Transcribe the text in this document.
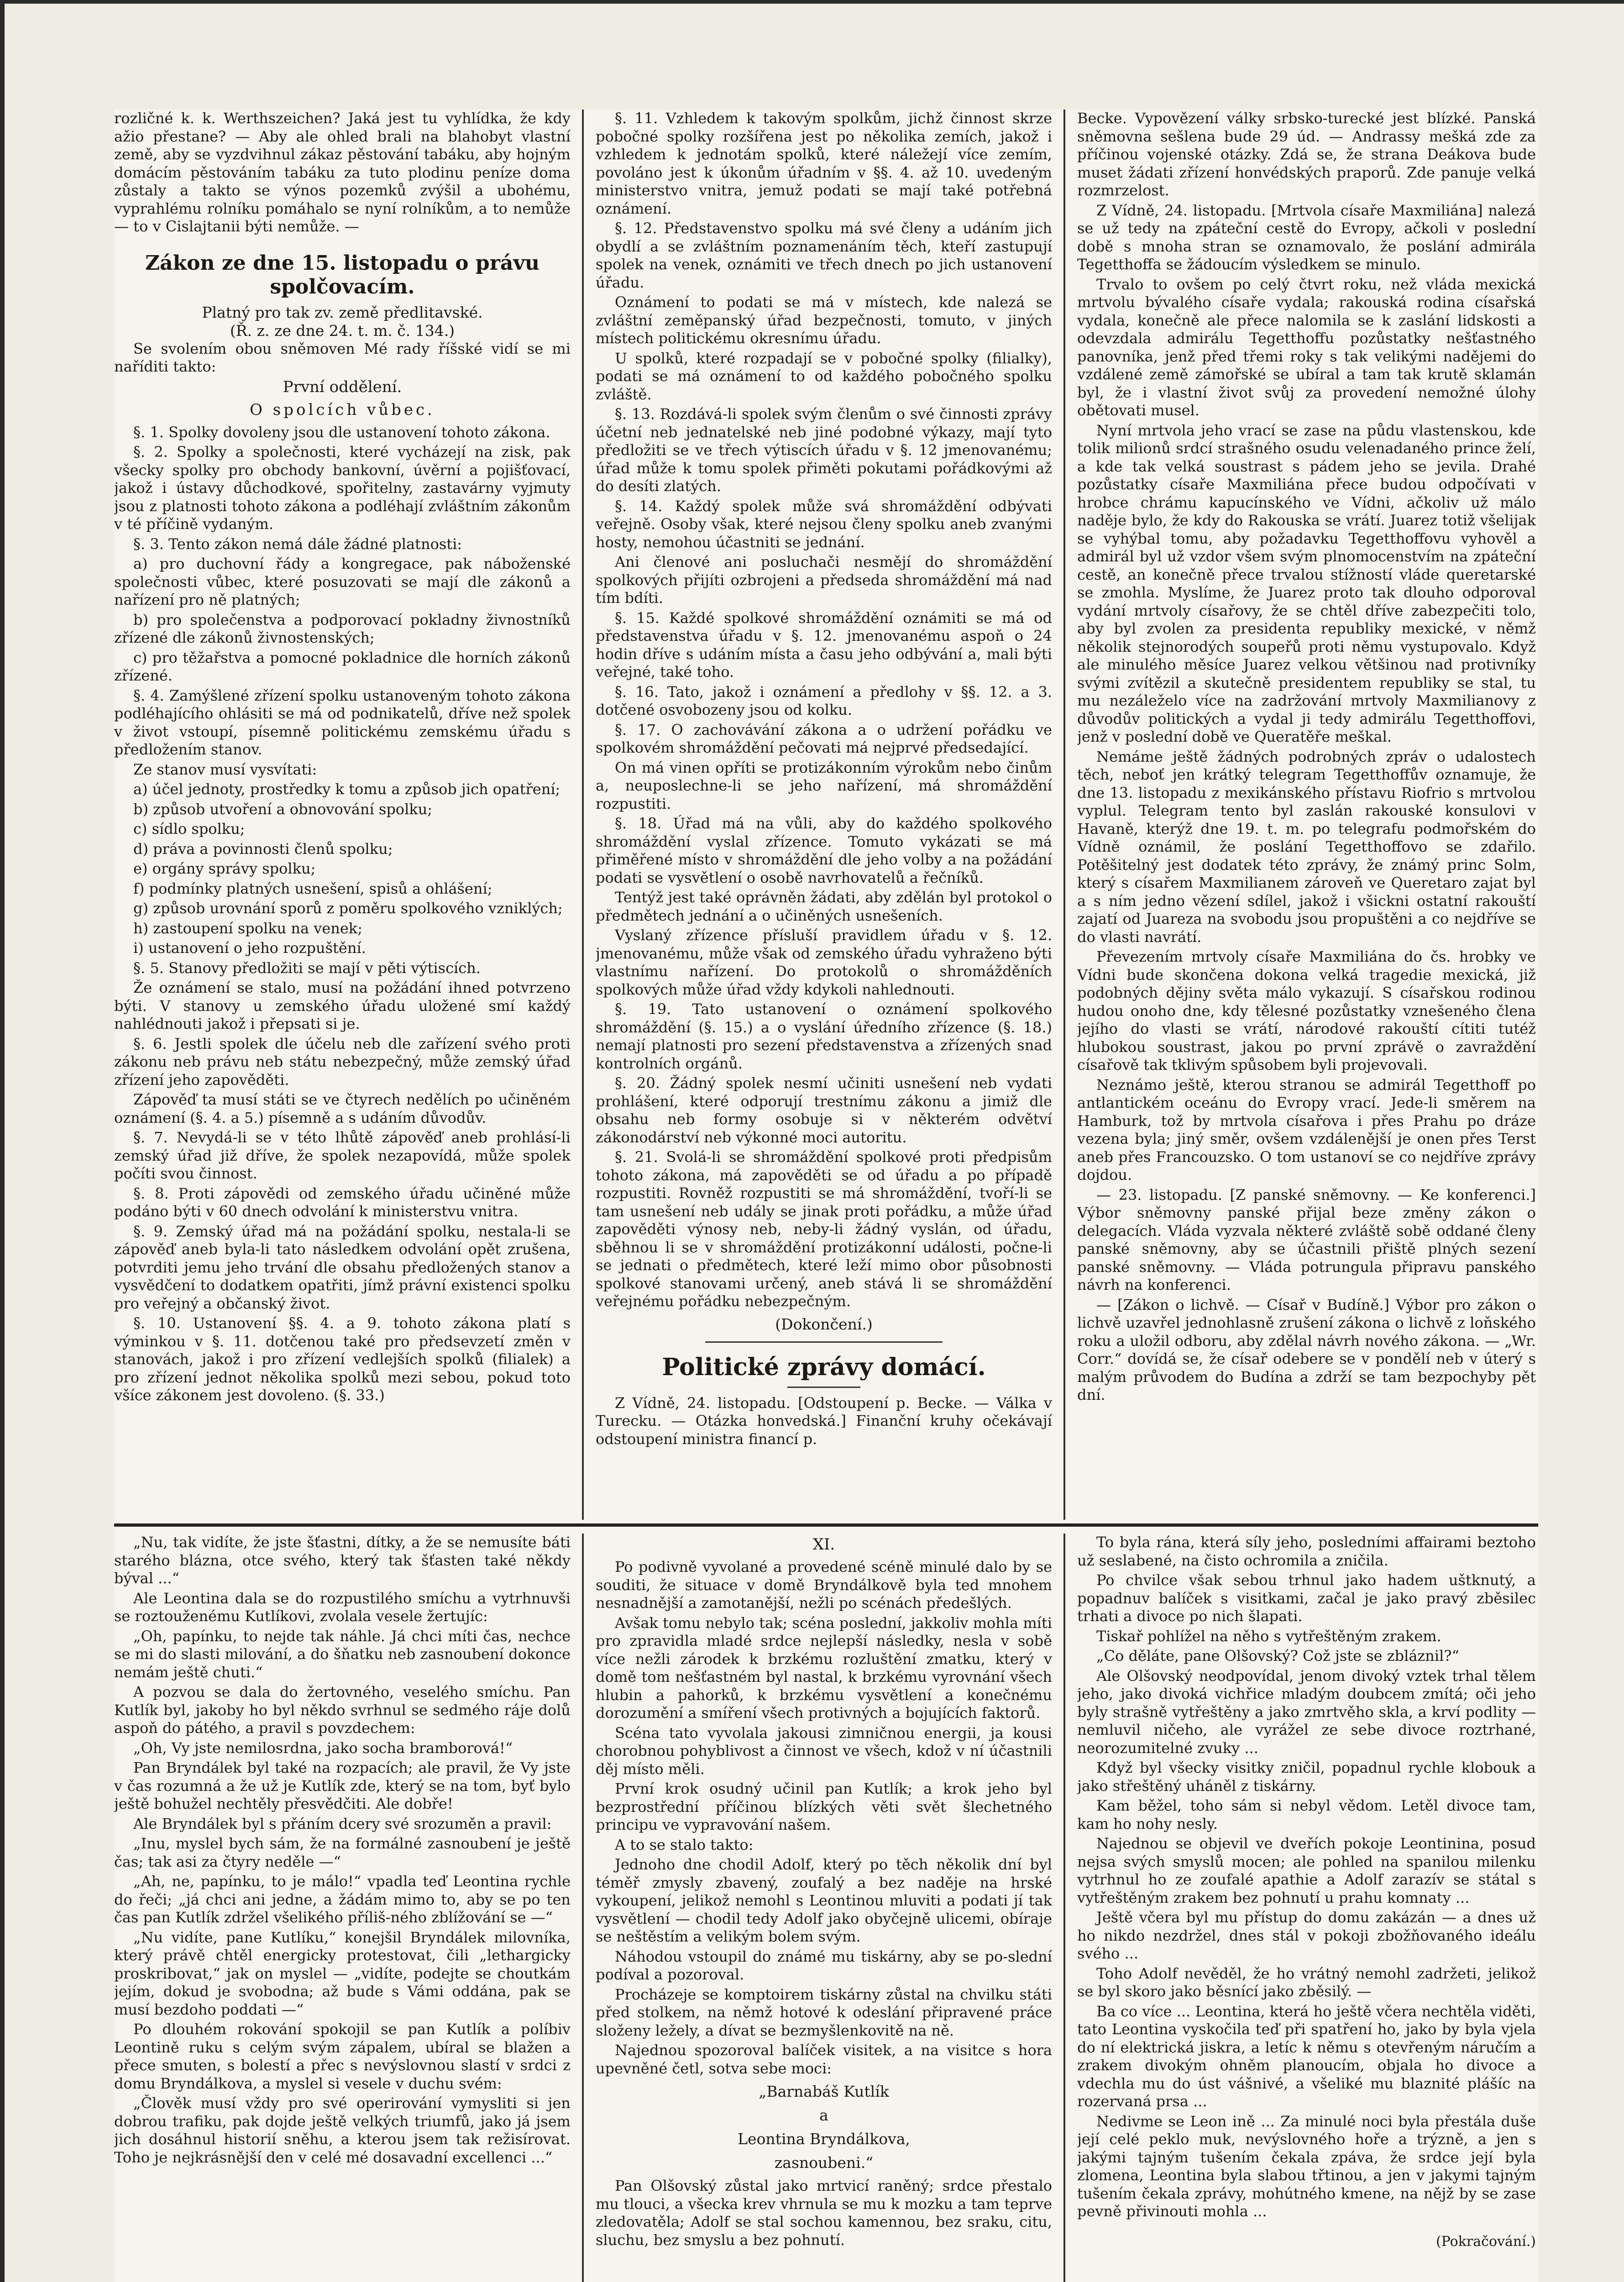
rozličné k. k. Werthszeichen? Jaká jest tu vyhlídka, že kdy ažio přestane? — Aby ale ohled brali na blahobyt vlastní země, aby se vyzdvihnul zákaz pěstování tabáku, aby hojným domácím pěstováním tabáku za tuto plodinu peníze doma zůstaly a takto se výnos pozemků zvýšil a ubohému, vyprahlému rolníku pomáhalo se nyní rolníkům, a to nemůže — to v Cislajtanii býti nemůže. —

Zákon ze dne 15. listopadu o právu spolčovacím.
Platný pro tak zv. země předlitavské.
(Ř. z. ze dne 24. t. m. č. 134.)

Se svolením obou sněmoven Mé rady říšské vidí se mi naříditi takto:

První oddělení.
O spolcích vůbec.

§. 1. Spolky dovoleny jsou dle ustanovení tohoto zákona.

§. 2. Spolky a společnosti, které vycházejí na zisk, pak všecky spolky pro obchody bankovní, úvěrní a pojišťovací, jakož i ústavy důchodkové, spořitelny, zastavárny vyjmuty jsou z platnosti tohoto zákona a podléhají zvláštním zákonům v té příčině vydaným.

§. 3. Tento zákon nemá dále žádné platnosti:

a) pro duchovní řády a kongregace, pak náboženské společnosti vůbec, které posuzovati se mají dle zákonů a nařízení pro ně platných;

b) pro společenstva a podporovací pokladny živnostníků zřízené dle zákonů živnostenských;

c) pro těžařstva a pomocné pokladnice dle horních zákonů zřízené.

§. 4. Zamýšlené zřízení spolku ustanoveným tohoto zákona podléhajícího ohlásiti se má od podnikatelů, dříve než spolek v život vstoupí, písemně politickému zemskému úřadu s předložením stanov.

Ze stanov musí vysvítati:

a) účel jednoty, prostředky k tomu a způsob jich opatření;

b) způsob utvoření a obnovování spolku;

c) sídlo spolku;

d) práva a povinnosti členů spolku;

e) orgány správy spolku;

f) podmínky platných usnešení, spisů a ohlášení;

g) způsob urovnání sporů z poměru spolkového vzniklých;

h) zastoupení spolku na venek;

i) ustanovení o jeho rozpuštění.

§. 5. Stanovy předložiti se mají v pěti výtiscích.

Že oznámení se stalo, musí na požádání ihned potvrzeno býti. V stanovy u zemského úřadu uložené smí každý nahlédnouti jakož i přepsati si je.

§. 6. Jestli spolek dle účelu neb dle zařízení svého proti zákonu neb právu neb státu nebezpečný, může zemský úřad zřízení jeho zapověděti.

Zápověď ta musí státi se ve čtyrech nedělích po učiněném oznámení (§. 4. a 5.) písemně a s udáním důvodův.

§. 7. Nevydá-li se v této lhůtě zápověď aneb prohlásí-li zemský úřad již dříve, že spolek nezapovídá, může spolek počíti svou činnost.

§. 8. Proti zápovědi od zemského úřadu učiněné může podáno býti v 60 dnech odvolání k ministerstvu vnitra.

§. 9. Zemský úřad má na požádání spolku, nestala-li se zápověď aneb byla-li tato následkem odvolání opět zrušena, potvrditi jemu jeho trvání dle obsahu předložených stanov a vysvědčení to dodatkem opatřiti, jímž právní existenci spolku pro veřejný a občanský život.

§. 10. Ustanovení §§. 4. a 9. tohoto zákona platí s výminkou v §. 11. dotčenou také pro předsevzetí změn v stanovách, jakož i pro zřízení vedlejších spolků (filialek) a pro zřízení jednot několika spolků mezi sebou, pokud toto všíce zákonem jest dovoleno. (§. 33.)

§. 11. Vzhledem k takovým spolkům, jichž činnost skrze pobočné spolky rozšířena jest po několika zemích, jakož i vzhledem k jednotám spolků, které náležejí více zemím, povoláno jest k úkonům úřadním v §§. 4. až 10. uvedeným ministerstvo vnitra, jemuž podati se mají také potřebná oznámení.

§. 12. Představenstvo spolku má své členy a udáním jich obydlí a se zvláštním poznamenáním těch, kteří zastupují spolek na venek, oznámiti ve třech dnech po jich ustanovení úřadu.

Oznámení to podati se má v místech, kde nalezá se zvláštní zeměpanský úřad bezpečnosti, tomuto, v jiných místech politickému okresnímu úřadu.

U spolků, které rozpadají se v pobočné spolky (filialky), podati se má oznámení to od každého pobočného spolku zvláště.

§. 13. Rozdává-li spolek svým členům o své činnosti zprávy účetní neb jednatelské neb jiné podobné výkazy, mají tyto předložiti se ve třech výtiscích úřadu v §. 12 jmenovanému; úřad může k tomu spolek přiměti pokutami pořádkovými až do desíti zlatých.

§. 14. Každý spolek může svá shromáždění odbývati veřejně. Osoby však, které nejsou členy spolku aneb zvanými hosty, nemohou účastniti se jednání.

Ani členové ani posluchači nesmějí do shromáždění spolkových přijíti ozbrojeni a předseda shromáždění má nad tím bdíti.

§. 15. Každé spolkové shromáždění oznámiti se má od představenstva úřadu v §. 12. jmenovanému aspoň o 24 hodin dříve s udáním místa a času jeho odbývání a, mali býti veřejné, také toho.

§. 16. Tato, jakož i oznámení a předlohy v §§. 12. a 3. dotčené osvobozeny jsou od kolku.

§. 17. O zachovávání zákona a o udržení pořádku ve spolkovém shromáždění pečovati má nejprvé předsedající.

On má vinen opříti se protizákonním výrokům nebo činům a, neuposlechne-li se jeho nařízení, má shromáždění rozpustiti.

§. 18. Úřad má na vůli, aby do každého spolkového shromáždění vyslal zřízence. Tomuto vykázati se má přiměřené místo v shromáždění dle jeho volby a na požádání podati se vysvětlení o osobě navrhovatelů a řečníků.

Tentýž jest také oprávněn žádati, aby zdělán byl protokol o předmětech jednání a o učiněných usnešeních.

Vyslaný zřízence přísluší pravidlem úřadu v §. 12. jmenovanému, může však od zemského úřadu vyhraženo býti vlastnímu nařízení. Do protokolů o shromážděních spolkových může úřad vždy kdykoli nahlednouti.

§. 19. Tato ustanovení o oznámení spolkového shromáždění (§. 15.) a o vyslání úředního zřízence (§. 18.) nemají platnosti pro sezení představenstva a zřízených snad kontrolních orgánů.

§. 20. Žádný spolek nesmí učiniti usnešení neb vydati prohlášení, které odporují trestnímu zákonu a jimiž dle obsahu neb formy osobuje si v některém odvětví zákonodárství neb výkonné moci autoritu.

§. 21. Svolá-li se shromáždění spolkové proti předpisům tohoto zákona, má zapověděti se od úřadu a po případě rozpustiti. Rovněž rozpustiti se má shromáždění, tvoří-li se tam usnešení neb udály se jinak proti pořádku, a může úřad zapověděti výnosy neb, neby-li žádný vyslán, od úřadu, sběhnou li se v shromáždění protizákonní události, počne-li se jednati o předmětech, které leží mimo obor působnosti spolkové stanovami určený, aneb stává li se shromáždění veřejnému pořádku nebezpečným.

(Dokončení.)
Politické zprávy domácí.

Z Vídně, 24. listopadu. [Odstoupení p. Becke. — Válka v Turecku. — Otázka honvedská.] Finanční kruhy očekávají odstoupení ministra financí p.

Becke. Vypovězení války srbsko-turecké jest blízké. Panská sněmovna sešlena bude 29 úd. — Andrassy mešká zde za příčinou vojenské otázky. Zdá se, že strana Deákova bude muset žádati zřízení honvédských praporů. Zde panuje velká rozmrzelost.

Z Vídně, 24. listopadu. [Mrtvola císaře Maxmiliána] nalezá se už tedy na zpáteční cestě do Evropy, ačkoli v poslední době s mnoha stran se oznamovalo, že poslání admirála Tegetthoffa se žádoucím výsledkem se minulo.

Trvalo to ovšem po celý čtvrt roku, než vláda mexická mrtvolu bývalého císaře vydala; rakouská rodina císařská vydala, konečně ale přece nalomila se k zaslání lidskosti a odevzdala admirálu Tegetthoffu pozůstatky nešťastného panovníka, jenž před třemi roky s tak velikými nadějemi do vzdálené země zámořské se ubíral a tam tak krutě sklamán byl, že i vlastní život svůj za provedení nemožné úlohy obětovati musel.

Nyní mrtvola jeho vrací se zase na půdu vlastenskou, kde tolik milionů srdcí strašného osudu velenadaného prince želí, a kde tak velká soustrast s pádem jeho se jevila. Drahé pozůstatky císaře Maxmiliána přece budou odpočívati v hrobce chrámu kapucínského ve Vídni, ačkoliv už málo naděje bylo, že kdy do Rakouska se vrátí. Juarez totiž všelijak se vyhýbal tomu, aby požadavku Tegetthoffovu vyhověl a admirál byl už vzdor všem svým plnomocenstvím na zpáteční cestě, an konečně přece trvalou stížností vláde queretarské se zmohla. Myslíme, že Juarez proto tak dlouho odporoval vydání mrtvoly císařovy, že se chtěl dříve zabezpečiti tolo, aby byl zvolen za presidenta republiky mexické, v němž několik stejnorodých soupeřů proti němu vystupovalo. Když ale minulého měsíce Juarez velkou většinou nad protivníky svými zvítězil a skutečně presidentem republiky se stal, tu mu nezáleželo více na zadržování mrtvoly Maxmilianovy z důvodův politických a vydal ji tedy admirálu Tegetthoffovi, jenž v poslední době ve Queratěře meškal.

Nemáme ještě žádných podrobných zpráv o udalostech těch, neboť jen krátký telegram Tegetthoffův oznamuje, že dne 13. listopadu z mexikánského přístavu Riofrio s mrtvolou vyplul. Telegram tento byl zaslán rakouské konsulovi v Havaně, kterýž dne 19. t. m. po telegrafu podmořském do Vídně oznámil, že poslání Tegetthoffovo se zdařilo. Potěšitelný jest dodatek této zprávy, že známý princ Solm, který s císařem Maxmilianem zároveň ve Queretaro zajat byl a s ním jedno vězení sdílel, jakož i všickni ostatní rakouští zajatí od Juareza na svobodu jsou propuštěni a co nejdříve se do vlasti navrátí.

Převezením mrtvoly císaře Maxmiliána do čs. hrobky ve Vídni bude skončena dokona velká tragedie mexická, již podobných dějiny světa málo vykazují. S císařskou rodinou hudou onoho dne, kdy tělesné pozůstatky vznešeného člena jejího do vlasti se vrátí, národové rakouští cítiti tutéž hlubokou soustrast, jakou po první zprávě o zavraždění císařově tak tklivým spůsobem byli projevovali.

Neznámo ještě, kterou stranou se admirál Tegetthoff po antlantickém oceánu do Evropy vrací. Jede-li směrem na Hamburk, tož by mrtvola císařova i přes Prahu po dráze vezena byla; jiný směr, ovšem vzdálenější je onen přes Terst aneb přes Francouzsko. O tom ustanoví se co nejdříve zprávy dojdou.

— 23. listopadu. [Z panské sněmovny. — Ke konferenci.] Výbor sněmovny panské přijal beze změny zákon o delegacích. Vláda vyzvala některé zvláště sobě oddané členy panské sněmovny, aby se účastnili přiště plných sezení panské sněmovny. — Vláda potrungula připravu panského návrh na konferenci.

— [Zákon o lichvě. — Císař v Budíně.] Výbor pro zákon o lichvě uzavřel jednohlasně zrušení zákona o lichvě z loňského roku a uložil odboru, aby zdělal návrh nového zákona. — „Wr. Corr.“ dovídá se, že císař odebere se v pondělí neb v úterý s malým průvodem do Budína a zdrží se tam bezpochyby pět dní.

„Nu, tak vidíte, že jste šťastni, dítky, a že se nemusíte báti starého blázna, otce svého, který tak šťasten také někdy býval ...“

Ale Leontina dala se do rozpustilého smíchu a vytrhnuvši se roztouženému Kutlíkovi, zvolala vesele žertujíc:

„Oh, papínku, to nejde tak náhle. Já chci míti čas, nechce se mi do slasti milování, a do šňatku neb zasnoubení dokonce nemám ještě chuti.“

A pozvou se dala do žertovného, veselého smíchu. Pan Kutlík byl, jakoby ho byl někdo svrhnul se sedmého ráje dolů aspoň do pátého, a pravil s povzdechem:

„Oh, Vy jste nemilosrdna, jako socha bramborová!“

Pan Bryndálek byl také na rozpacích; ale pravil, že Vy jste v čas rozumná a že už je Kutlík zde, který se na tom, byť bylo ještě bohužel nechtěly přesvědčiti. Ale dobře!

Ale Bryndálek byl s přáním dcery své srozuměn a pravil:

„Inu, myslel bych sám, že na formálné zasnoubení je ještě čas; tak asi za čtyry neděle —“

„Ah, ne, papínku, to je málo!“ vpadla teď Leontina rychle do řeči; „já chci ani jedne, a žádám mimo to, aby se po ten čas pan Kutlík zdržel všelikého příliš-ného zblížování se —“

„Nu vidíte, pane Kutlíku,“ konejšil Bryndálek milovníka, který právě chtěl energicky protestovat, čili „lethargicky proskribovat,“ jak on myslel — „vidíte, podejte se choutkám jejím, dokud je svobodna; až bude s Vámi oddána, pak se musí bezdoho poddati —“

Po dlouhém rokování spokojil se pan Kutlík a políbiv Leontině ruku s celým svým zápalem, ubíral se blažen a přece smuten, s bolestí a přec s nevýslovnou slastí v srdci z domu Bryndálkova, a myslel si vesele v duchu svém:

„Člověk musí vždy pro své operirování vymysliti si jen dobrou trafiku, pak dojde ještě velkých triumfů, jako já jsem jich dosáhnul historií sněhu, a kterou jsem tak režisírovat. Toho je nejkrásnější den v celé mé dosavadní excellenci ...“

XI.

Po podivně vyvolané a provedené scéně minulé dalo by se souditi, že situace v domě Bryndálkově byla ted mnohem nesnadnější a zamotanější, nežli po scénách předešlých.

Avšak tomu nebylo tak; scéna poslední, jakkoliv mohla míti pro zpravidla mladé srdce nejlepší následky, nesla v sobě více nežli zárodek k brzkému rozluštění zmatku, který v domě tom nešťastném byl nastal, k brzkému vyrovnání všech hlubin a pahorků, k brzkému vysvětlení a konečnému dorozumění a smíření všech protivných a bojujících faktorů.

Scéna tato vyvolala jakousi zimničnou energii, ja kousi chorobnou pohyblivost a činnost ve všech, kdož v ní účastnili děj místo měli.

První krok osudný učinil pan Kutlík; a krok jeho byl bezprostřední příčinou blízkých věti svět šlechetného principu ve vypravování našem.

A to se stalo takto:

Jednoho dne chodil Adolf, který po těch několik dní byl téměř zmysly zbavený, zoufalý a bez naděje na hrské vykoupení, jelikož nemohl s Leontinou mluviti a podati jí tak vysvětlení — chodil tedy Adolf jako obyčejně ulicemi, obíraje se neštěstím a velikým bolem svým.

Náhodou vstoupil do známé mu tiskárny, aby se po-slední podíval a pozoroval.

Procházeje se komptoirem tiskárny zůstal na chvilku státi před stolkem, na němž hotové k odeslání připravené práce složeny ležely, a dívat se bezmyšlenkovitě na ně.

Najednou spozoroval balíček visitek, a na visitce s hora upevněné četl, sotva sebe moci:

„Barnabáš Kutlík
a
Leontina Bryndálkova,
zasnoubeni.“

Pan Olšovský zůstal jako mrtvicí raněný; srdce přestalo mu tlouci, a všecka krev vhrnula se mu k mozku a tam teprve zledovatěla; Adolf se stal sochou kamennou, bez sraku, citu, sluchu, bez smyslu a bez pohnutí.

To byla rána, která síly jeho, posledními affairami beztoho už seslabené, na čisto ochromila a zničila.

Po chvilce však sebou trhnul jako hadem uštknutý, a popadnuv balíček s visitkami, začal je jako pravý zběsilec trhati a divoce po nich šlapati.

Tiskař pohlížel na něho s vytřeštěným zrakem.

„Co děláte, pane Olšovský? Což jste se zbláznil?“

Ale Olšovský neodpovídal, jenom divoký vztek trhal tělem jeho, jako divoká vichřice mladým doubcem zmítá; oči jeho byly strašně vytřeštěny a jako zmrtvěho skla, a krví podlity — nemluvil ničeho, ale vyrážel ze sebe divoce roztrhané, neorozumitelné zvuky ...

Když byl všecky visitky zničil, popadnul rychle klobouk a jako střeštěný uháněl z tiskárny.

Kam běžel, toho sám si nebyl vědom. Letěl divoce tam, kam ho nohy nesly.

Najednou se objevil ve dveřích pokoje Leontinina, posud nejsa svých smyslů mocen; ale pohled na spanilou milenku vytrhnul ho ze zoufalé apathie a Adolf zarazív se státal s vytřeštěným zrakem bez pohnutí u prahu komnaty ...

Ještě včera byl mu přístup do domu zakázán — a dnes už ho nikdo nezdržel, dnes stál v pokoji zbožňovaného ideálu svého ...

Toho Adolf nevěděl, že ho vrátný nemohl zadržeti, jelikož se byl skoro jako běsnící jako zběsilý. —

Ba co více ... Leontina, která ho ještě včera nechtěla viděti, tato Leontina vyskočila teď při spatření ho, jako by byla vjela do ní elektrická jiskra, a letíc k němu s otevřeným náručím a zrakem divokým ohněm planoucím, objala ho divoce a vdechla mu do úst vášnivé, a všeliké mu blaznité plášíc na rozervaná prsa ...

Nedivme se Leon ině ... Za minulé noci byla přestála duše její celé peklo muk, nevýslovného hoře a trýzně, a jen s jakými tajným tušením čekala zpáva, že srdce její byla zlomena, Leontina byla slabou třtinou, a jen v jakymi tajným tušením čekala zprávy, mohútného kmene, na nějž by se zase pevně přivinouti mohla ...

(Pokračování.)
